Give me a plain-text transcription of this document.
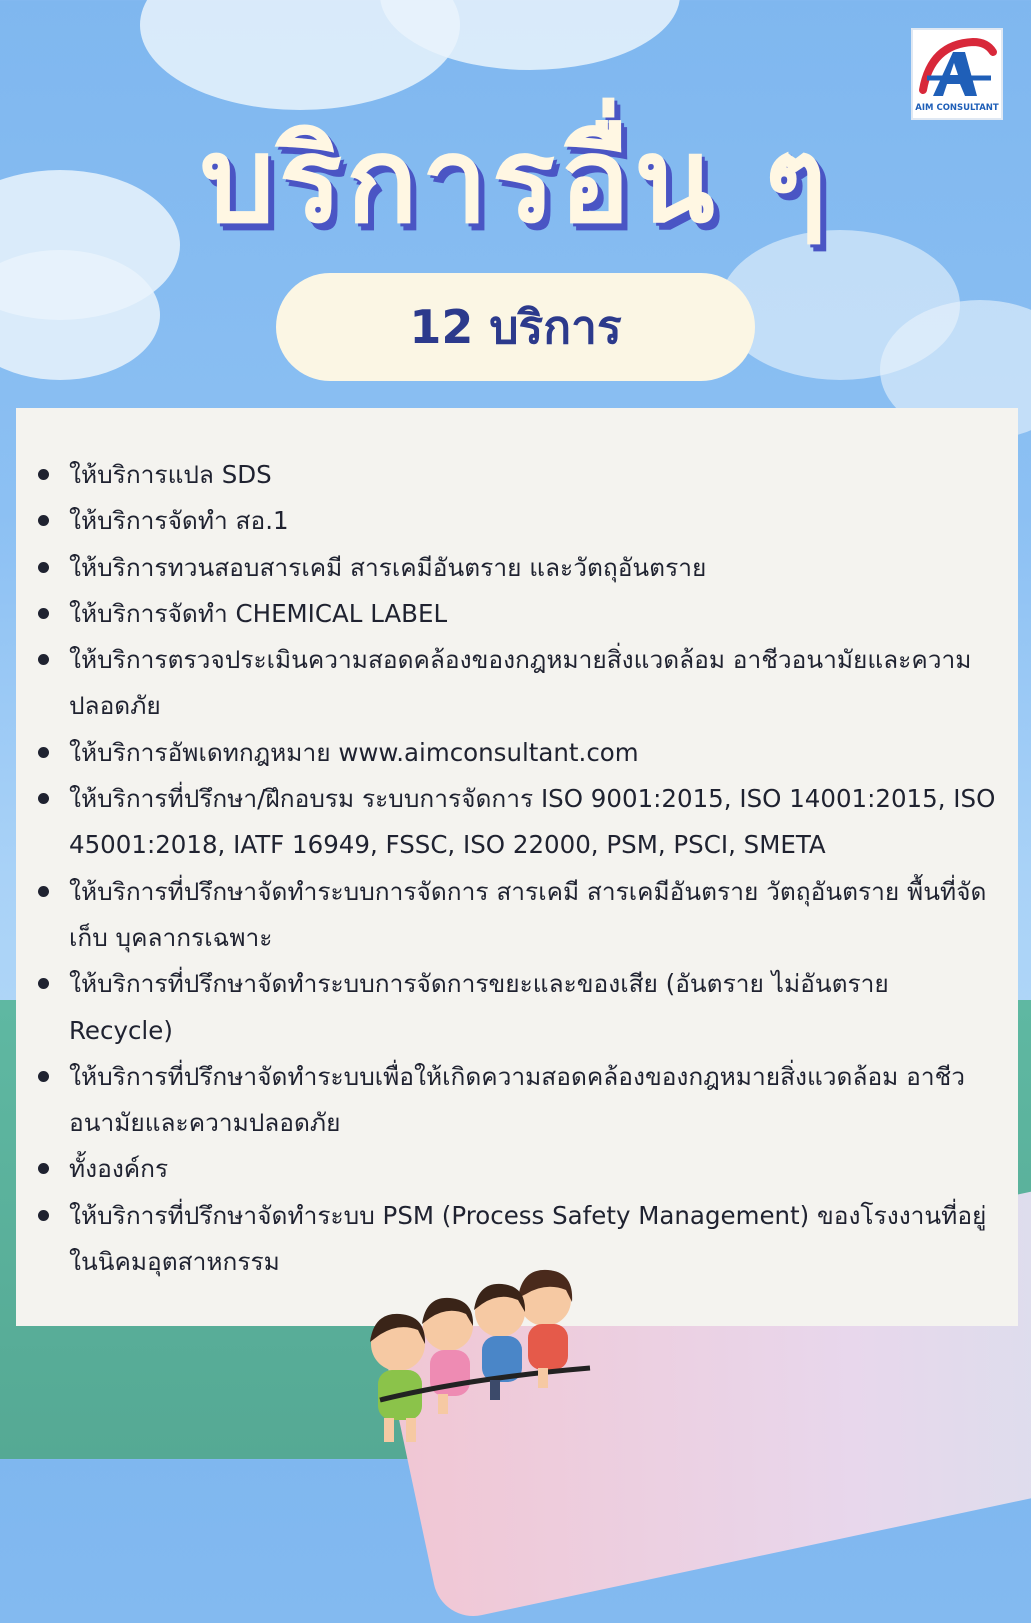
AIM CONSULTANT
บริการอื่น ๆ
12 บริการ
ให้บริการแปล SDS
ให้บริการจัดทำ สอ.1
ให้บริการทวนสอบสารเคมี สารเคมีอันตราย และวัตถุอันตราย
ให้บริการจัดทำ CHEMICAL LABEL
ให้บริการตรวจประเมินความสอดคล้องของกฎหมายสิ่งแวดล้อม อาชีวอนามัยและความปลอดภัย
ให้บริการอัพเดทกฎหมาย www.aimconsultant.com
ให้บริการที่ปรึกษา/ฝึกอบรม ระบบการจัดการ ISO 9001:2015, ISO 14001:2015, ISO 45001:2018, IATF 16949, FSSC, ISO 22000, PSM, PSCI, SMETA
ให้บริการที่ปรึกษาจัดทำระบบการจัดการ สารเคมี สารเคมีอันตราย วัตถุอันตราย พื้นที่จัดเก็บ บุคลากรเฉพาะ
ให้บริการที่ปรึกษาจัดทำระบบการจัดการขยะและของเสีย (อันตราย ไม่อันตราย Recycle)
ให้บริการที่ปรึกษาจัดทำระบบเพื่อให้เกิดความสอดคล้องของกฎหมายสิ่งแวดล้อม อาชีวอนามัยและความปลอดภัย
ทั้งองค์กร
ให้บริการที่ปรึกษาจัดทำระบบ PSM (Process Safety Management) ของโรงงานที่อยู่ในนิคมอุตสาหกรรม
